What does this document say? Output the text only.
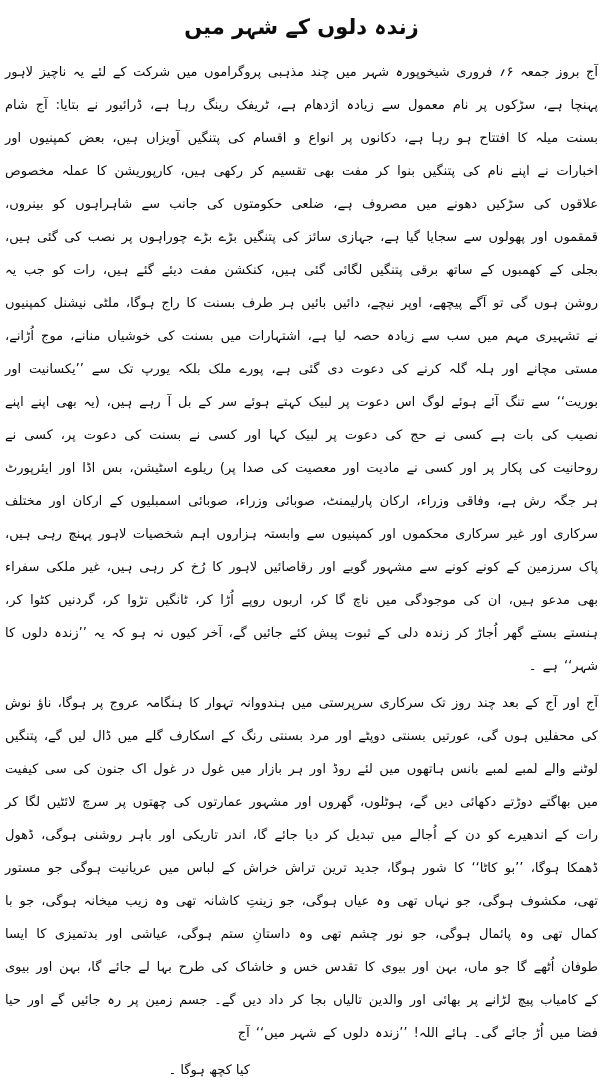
زندہ دلوں کے شہر میں

آج بروز جمعہ ۶؍ فروری شیخوپورہ شہر میں چند مذہبی پروگراموں میں شرکت کے لئے یہ ناچیز لاہور پہنچا ہے، سڑکوں پر نام معمول سے زیادہ اژدھام ہے، ٹریفک رینگ رہا ہے، ڈرائیور نے بتایا: آج شام بسنت میلہ کا افتتاح ہو رہا ہے، دکانوں پر انواع و اقسام کی پتنگیں آویزاں ہیں، بعض کمپنیوں اور اخبارات نے اپنے نام کی پتنگیں بنوا کر مفت بھی تقسیم کر رکھی ہیں، کارپوریشن کا عملہ مخصوص علاقوں کی سڑکیں دھونے میں مصروف ہے، ضلعی حکومتوں کی جانب سے شاہراہوں کو بینروں، قمقموں اور پھولوں سے سجایا گیا ہے، جہازی سائز کی پتنگیں بڑے بڑے چوراہوں پر نصب کی گئی ہیں، بجلی کے کھمبوں کے ساتھ برقی پتنگیں لگائی گئی ہیں، کنکشن مفت دیئے گئے ہیں، رات کو جب یہ روشن ہوں گی تو آگے پیچھے، اوپر نیچے، دائیں بائیں ہر طرف بسنت کا راج ہوگا، ملٹی نیشنل کمپنیوں نے تشہیری مہم میں سب سے زیادہ حصہ لیا ہے، اشتہارات میں بسنت کی خوشیاں منانے، موج اُڑانے، مستی مچانے اور ہلہ گلہ کرنے کی دعوت دی گئی ہے، پورے ملک بلکہ یورپ تک سے ’’یکسانیت اور بوریت‘‘ سے تنگ آئے ہوئے لوگ اس دعوت پر لبیک کہتے ہوئے سر کے بل آ رہے ہیں، (یہ بھی اپنے اپنے نصیب کی بات ہے کسی نے حج کی دعوت پر لبیک کہا اور کسی نے بسنت کی دعوت پر، کسی نے روحانیت کی پکار پر اور کسی نے مادیت اور معصیت کی صدا پر) ریلوے اسٹیشن، بس اڈا اور ایئرپورٹ ہر جگہ رش ہے، وفاقی وزراء، ارکان پارلیمنٹ، صوبائی وزراء، صوبائی اسمبلیوں کے ارکان اور مختلف سرکاری اور غیر سرکاری محکموں اور کمپنیوں سے وابستہ ہزاروں اہم شخصیات لاہور پہنچ رہی ہیں، پاک سرزمین کے کونے کونے سے مشہور گویے اور رقاصائیں لاہور کا رُخ کر رہی ہیں، غیر ملکی سفراء بھی مدعو ہیں، ان کی موجودگی میں ناچ گا کر، اربوں روپے اُڑا کر، ٹانگیں تڑوا کر، گردنیں کٹوا کر، ہنستے بستے گھر اُجاڑ کر زندہ دلی کے ثبوت پیش کئے جائیں گے، آخر کیوں نہ ہو کہ یہ ’’زندہ دلوں کا شہر‘‘ ہے ۔

آج اور آج کے بعد چند روز تک سرکاری سرپرستی میں ہندووانہ تہوار کا ہنگامہ عروج پر ہوگا، ناؤ نوش کی محفلیں ہوں گی، عورتیں بسنتی دوپٹے اور مرد بسنتی رنگ کے اسکارف گلے میں ڈال لیں گے، پتنگیں لوٹنے والے لمبے لمبے بانس ہاتھوں میں لئے روڈ اور ہر بازار میں غول در غول اک جنون کی سی کیفیت میں بھاگتے دوڑتے دکھائی دیں گے، ہوٹلوں، گھروں اور مشہور عمارتوں کی چھتوں پر سرچ لائٹیں لگا کر رات کے اندھیرے کو دن کے اُجالے میں تبدیل کر دیا جائے گا، اندر تاریکی اور باہر روشنی ہوگی، ڈھول ڈھمکا ہوگا، ’’بو کاٹا‘‘ کا شور ہوگا، جدید ترین تراش خراش کے لباس میں عریانیت ہوگی جو مستور تھی، مکشوف ہوگی، جو نہاں تھی وہ عیاں ہوگی، جو زینتِ کاشانہ تھی وہ زیب میخانہ ہوگی، جو با کمال تھی وہ پائمال ہوگی، جو نور چشم تھی وہ داستانِ ستم ہوگی، عیاشی اور بدتمیزی کا ایسا طوفان اُٹھے گا جو ماں، بہن اور بیوی کا تقدس خس و خاشاک کی طرح بہا لے جائے گا، بہن اور بیوی کے کامیاب پیچ لڑانے پر بھائی اور والدین تالیاں بجا کر داد دیں گے۔ جسم زمین پر رہ جائیں گے اور حیا فضا میں اُڑ جائے گی۔ ہائے اللہ! ’’زندہ دلوں کے شہر میں‘‘ آج

کیا کچھ ہوگا ۔
